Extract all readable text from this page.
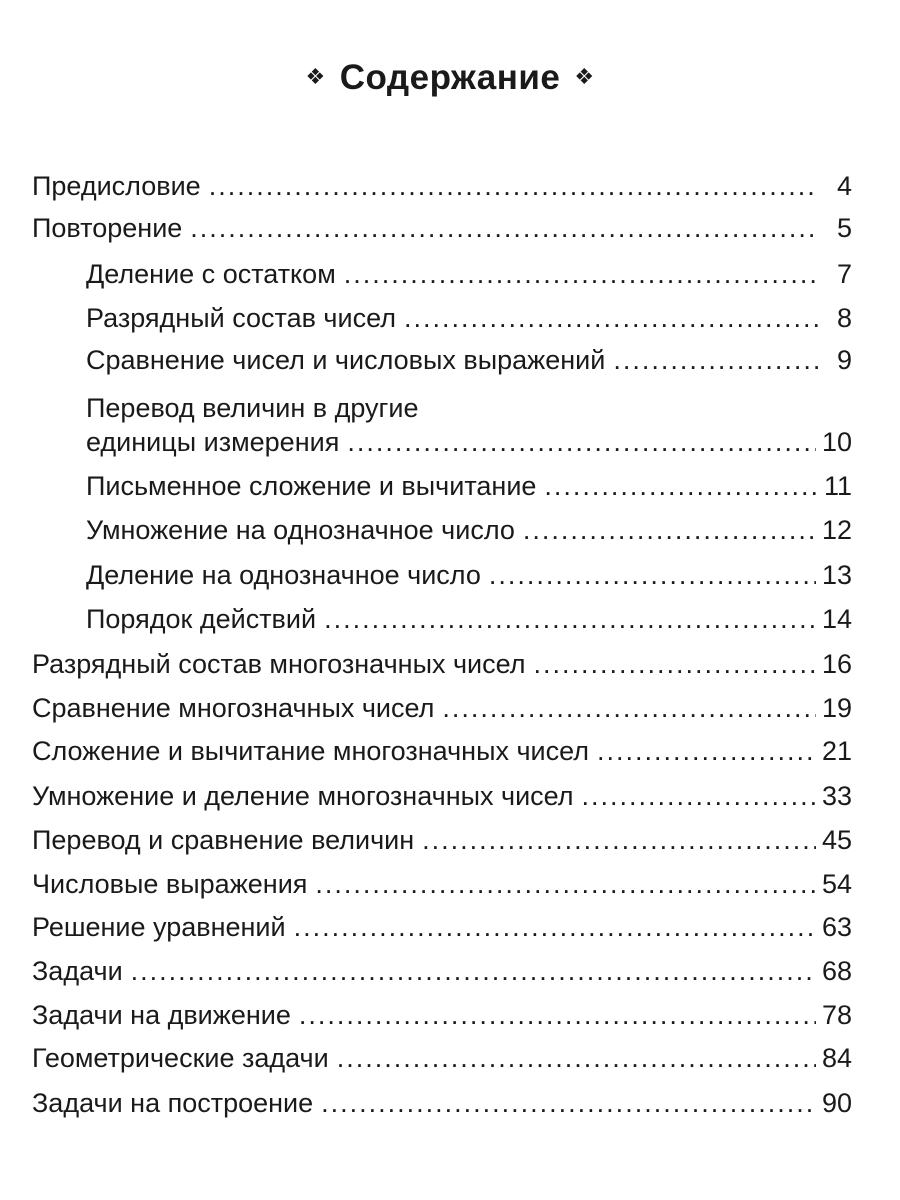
❖ Содержание ❖
Предисловие .....	4
Повторение .....	5
Деление с остатком .....	7
Разрядный состав чисел .....	8
Сравнение чисел и числовых выражений .....	9
Перевод величин в другие
единицы измерения .....	10
Письменное сложение и вычитание .....	11
Умножение на однозначное число .....	12
Деление на однозначное число .....	13
Порядок действий .....	14
Разрядный состав многозначных чисел .....	16
Сравнение многозначных чисел .....	19
Сложение и вычитание многозначных чисел .....	21
Умножение и деление многозначных чисел .....	33
Перевод и сравнение величин .....	45
Числовые выражения .....	54
Решение уравнений .....	63
Задачи .....	68
Задачи на движение .....	78
Геометрические задачи .....	84
Задачи на построение .....	90
